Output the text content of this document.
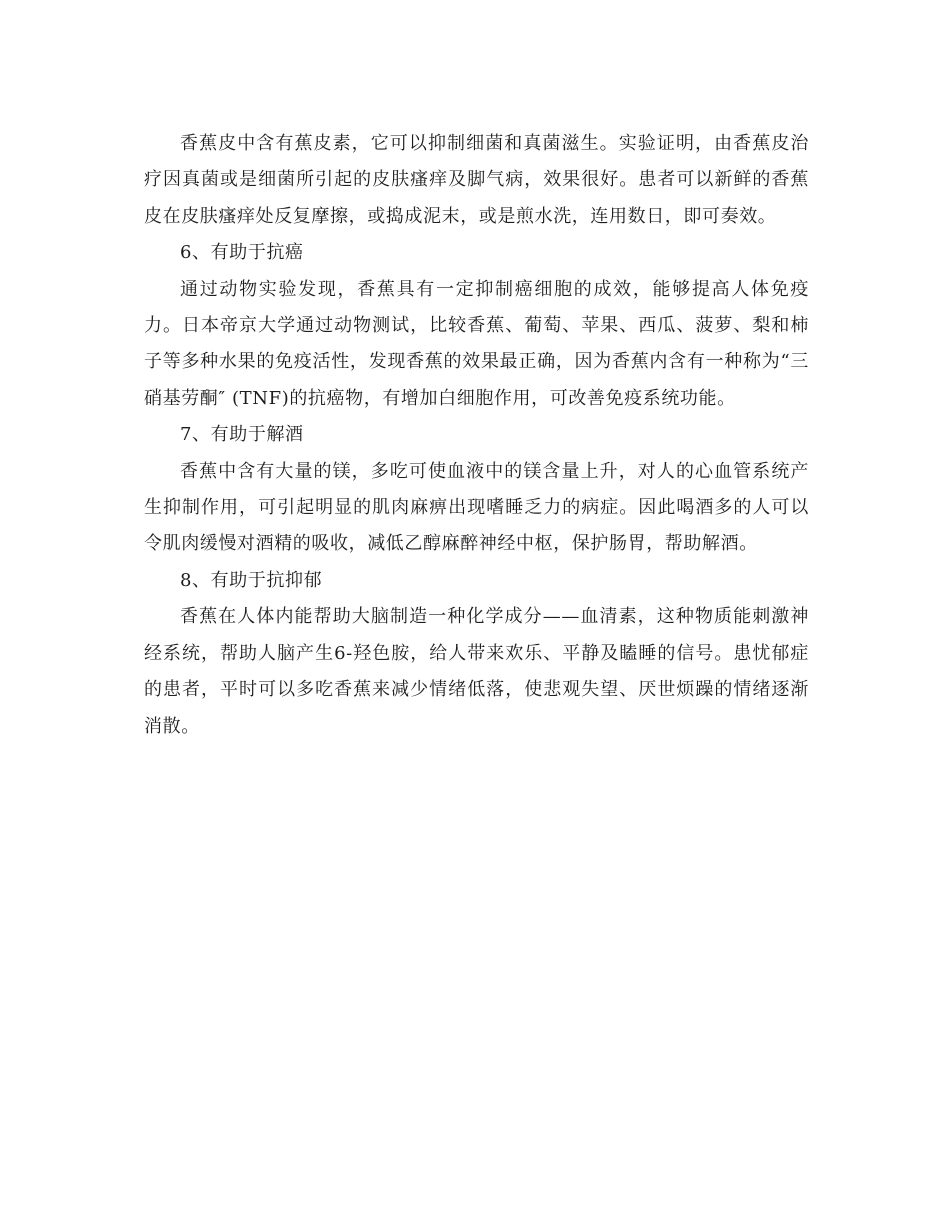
香蕉皮中含有蕉皮素，它可以抑制细菌和真菌滋生。实验证明，由香蕉皮治疗因真菌或是细菌所引起的皮肤瘙痒及脚气病，效果很好。患者可以新鲜的香蕉皮在皮肤瘙痒处反复摩擦，或捣成泥末，或是煎水洗，连用数日，即可奏效。

6、有助于抗癌

通过动物实验发现，香蕉具有一定抑制癌细胞的成效，能够提高人体免疫力。日本帝京大学通过动物测试，比较香蕉、葡萄、苹果、西瓜、菠萝、梨和柿子等多种水果的免疫活性，发现香蕉的效果最正确，因为香蕉内含有一种称为“三硝基劳酮″ (TNF)的抗癌物，有增加白细胞作用，可改善免疫系统功能。

7、有助于解酒

香蕉中含有大量的镁，多吃可使血液中的镁含量上升，对人的心血管系统产生抑制作用，可引起明显的肌肉麻痹出现嗜睡乏力的病症。因此喝酒多的人可以令肌肉缓慢对酒精的吸收，减低乙醇麻醉神经中枢，保护肠胃，帮助解酒。

8、有助于抗抑郁

香蕉在人体内能帮助大脑制造一种化学成分——血清素，这种物质能刺激神经系统，帮助人脑产生6-羟色胺，给人带来欢乐、平静及瞌睡的信号。患忧郁症的患者，平时可以多吃香蕉来减少情绪低落，使悲观失望、厌世烦躁的情绪逐渐消散。
